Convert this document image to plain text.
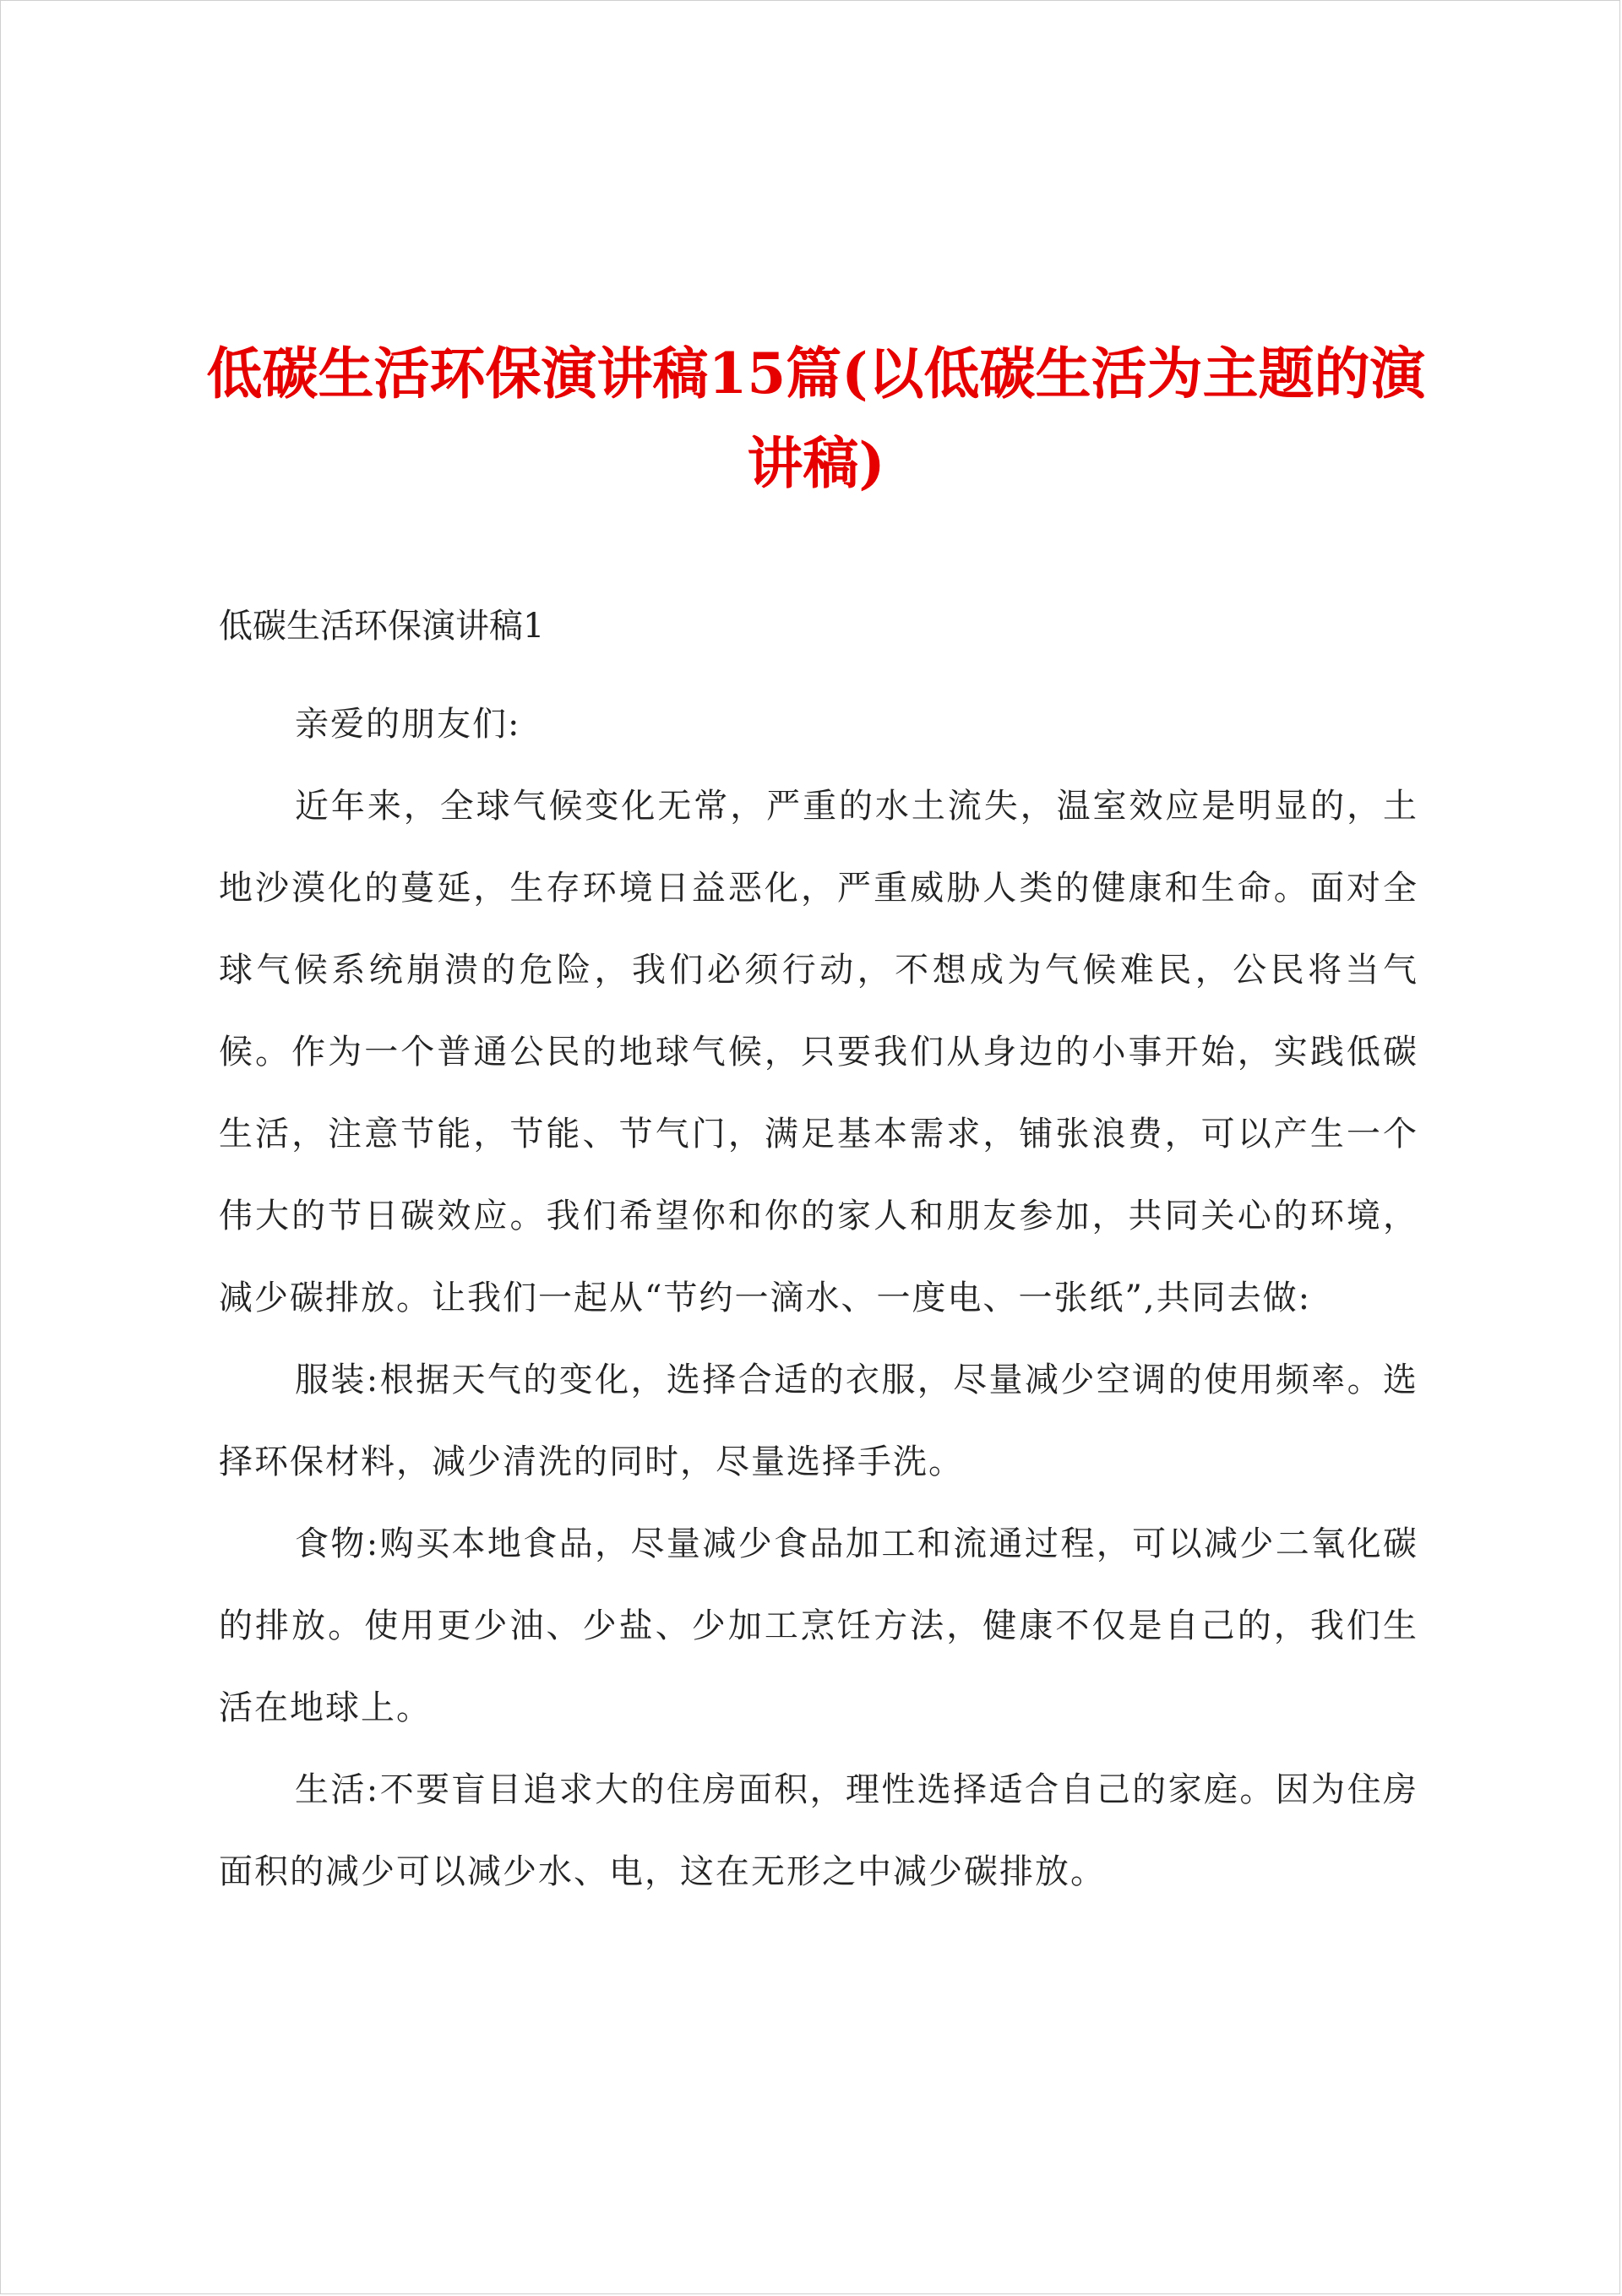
低碳生活环保演讲稿15篇(以低碳生活为主题的演讲稿)
低碳生活环保演讲稿1

亲爱的朋友们:

近年来，全球气候变化无常，严重的水土流失，温室效应是明显的，土地沙漠化的蔓延，生存环境日益恶化，严重威胁人类的健康和生命。面对全球气候系统崩溃的危险，我们必须行动，不想成为气候难民，公民将当气候。作为一个普通公民的地球气候，只要我们从身边的小事开始，实践低碳生活，注意节能，节能、节气门，满足基本需求，铺张浪费，可以产生一个伟大的节日碳效应。我们希望你和你的家人和朋友参加，共同关心的环境，减少碳排放。让我们一起从“节约一滴水、一度电、一张纸”,共同去做:

服装:根据天气的变化，选择合适的衣服，尽量减少空调的使用频率。选择环保材料，减少清洗的同时，尽量选择手洗。

食物:购买本地食品，尽量减少食品加工和流通过程，可以减少二氧化碳的排放。使用更少油、少盐、少加工烹饪方法，健康不仅是自己的，我们生活在地球上。

生活:不要盲目追求大的住房面积，理性选择适合自己的家庭。因为住房面积的减少可以减少水、电，这在无形之中减少碳排放。
